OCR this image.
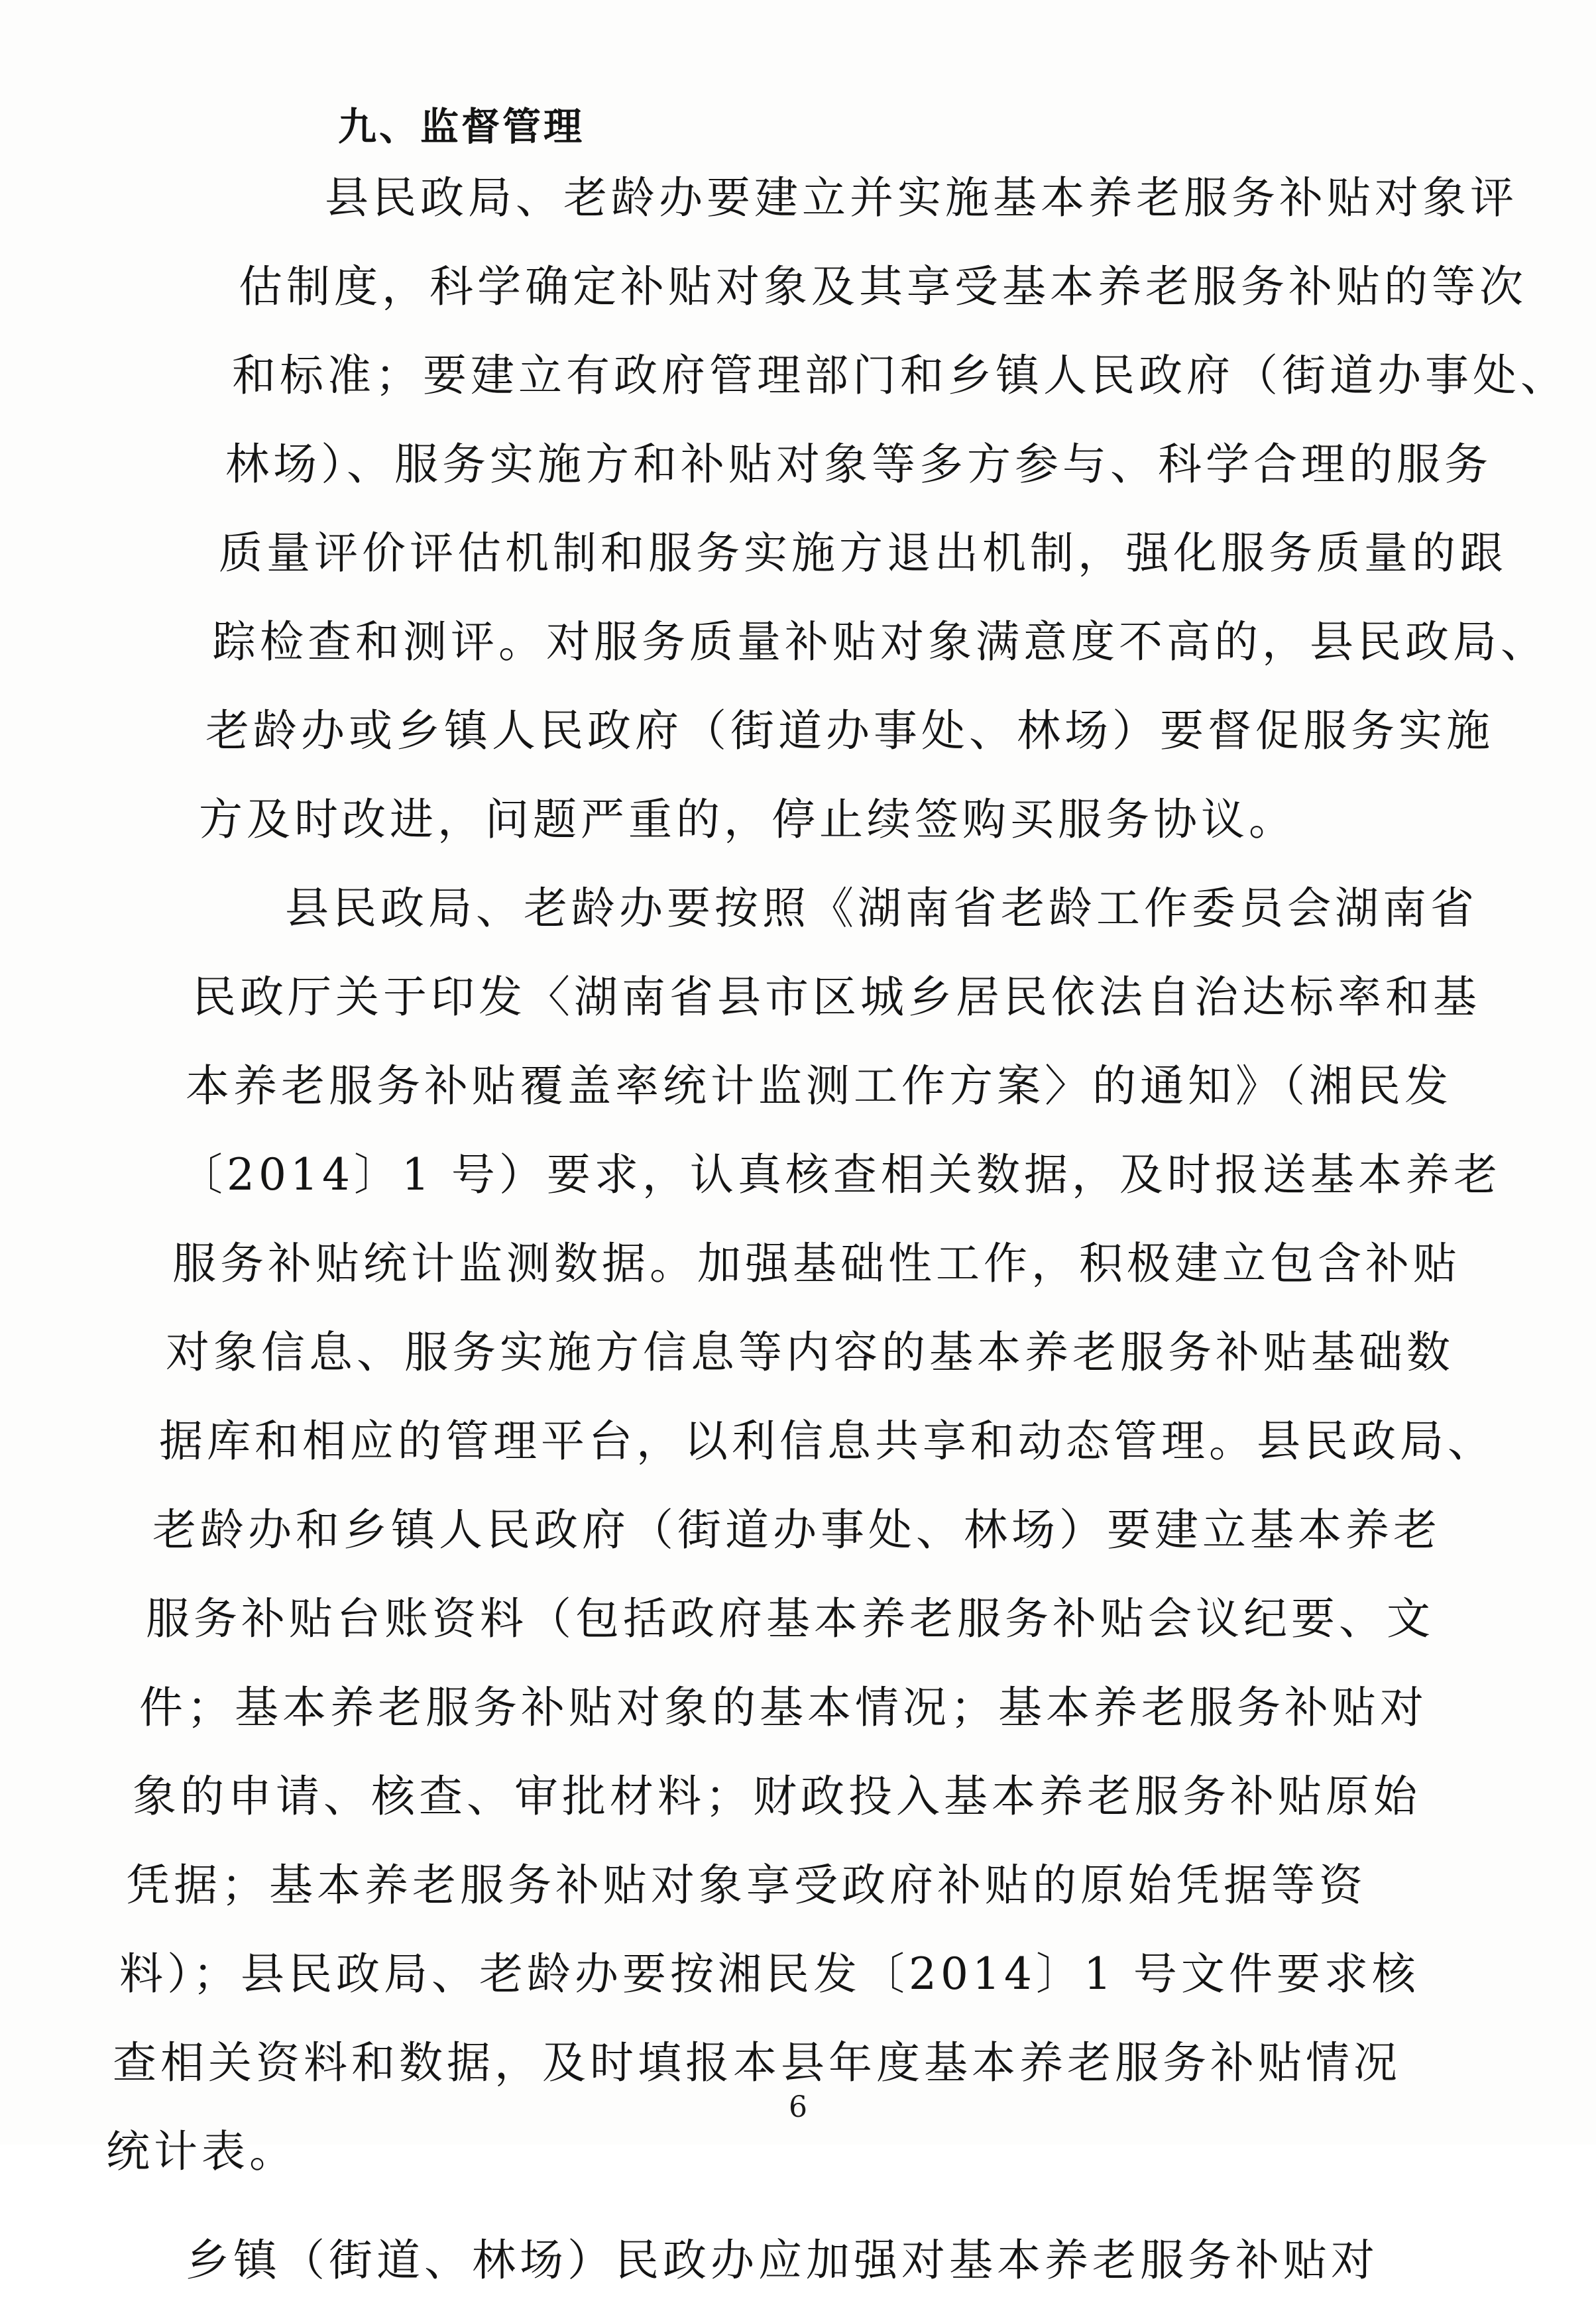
九、监督管理
县民政局、老龄办要建立并实施基本养老服务补贴对象评
估制度，科学确定补贴对象及其享受基本养老服务补贴的等次
和标准；要建立有政府管理部门和乡镇人民政府（街道办事处、
林场）、服务实施方和补贴对象等多方参与、科学合理的服务
质量评价评估机制和服务实施方退出机制，强化服务质量的跟
踪检查和测评。对服务质量补贴对象满意度不高的，县民政局、
老龄办或乡镇人民政府（街道办事处、林场）要督促服务实施
方及时改进，问题严重的，停止续签购买服务协议。
县民政局、老龄办要按照《湖南省老龄工作委员会湖南省
民政厅关于印发〈湖南省县市区城乡居民依法自治达标率和基
本养老服务补贴覆盖率统计监测工作方案〉的通知》（湘民发
〔2014〕1 号）要求，认真核查相关数据，及时报送基本养老
服务补贴统计监测数据。加强基础性工作，积极建立包含补贴
对象信息、服务实施方信息等内容的基本养老服务补贴基础数
据库和相应的管理平台，以利信息共享和动态管理。县民政局、
老龄办和乡镇人民政府（街道办事处、林场）要建立基本养老
服务补贴台账资料（包括政府基本养老服务补贴会议纪要、文
件；基本养老服务补贴对象的基本情况；基本养老服务补贴对
象的申请、核查、审批材料；财政投入基本养老服务补贴原始
凭据；基本养老服务补贴对象享受政府补贴的原始凭据等资
料）；县民政局、老龄办要按湘民发〔2014〕1 号文件要求核
查相关资料和数据，及时填报本县年度基本养老服务补贴情况
统计表。
乡镇（街道、林场）民政办应加强对基本养老服务补贴对
6
